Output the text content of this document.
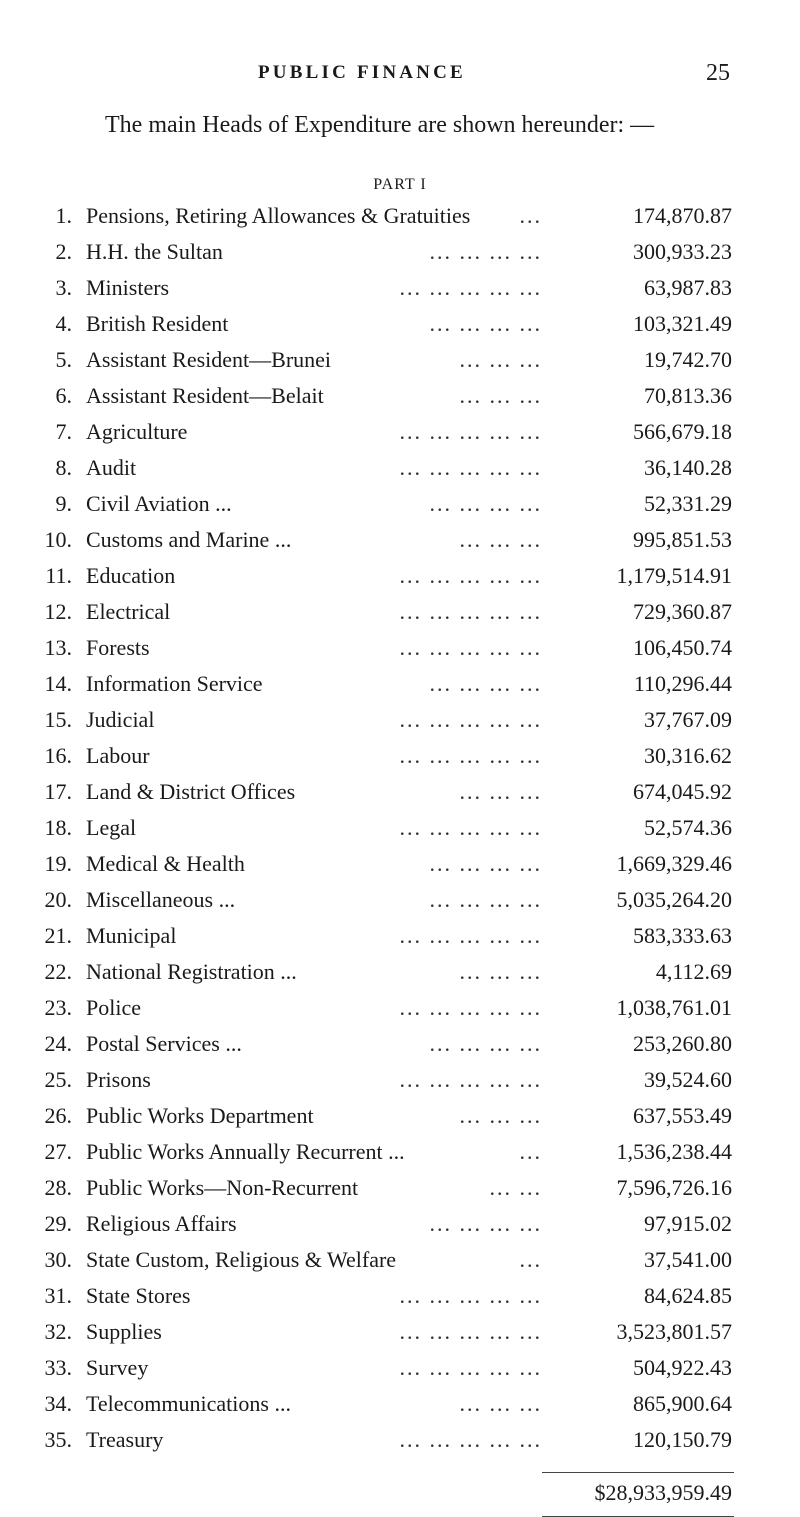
PUBLIC FINANCE	25
The main Heads of Expenditure are shown hereunder: —
PART I
1. Pensions, Retiring Allowances & Gratuities ...	174,870.87
2. H.H. the Sultan	... ... ... ...	300,933.23
3. Ministers	... ... ... ... ...	63,987.83
4. British Resident	... ... ... ...	103,321.49
5. Assistant Resident—Brunei	... ... ...	19,742.70
6. Assistant Resident—Belait	... ... ...	70,813.36
7. Agriculture	... ... ... ... ...	566,679.18
8. Audit	... ... ... ... ...	36,140.28
9. Civil Aviation ...	... ... ... ...	52,331.29
10. Customs and Marine ...	... ... ...	995,851.53
11. Education	... ... ... ... ...	1,179,514.91
12. Electrical	... ... ... ... ...	729,360.87
13. Forests	... ... ... ... ...	106,450.74
14. Information Service	... ... ... ...	110,296.44
15. Judicial	... ... ... ... ...	37,767.09
16. Labour	... ... ... ... ...	30,316.62
17. Land & District Offices	... ... ...	674,045.92
18. Legal	... ... ... ... ...	52,574.36
19. Medical & Health	... ... ... ...	1,669,329.46
20. Miscellaneous ...	... ... ... ...	5,035,264.20
21. Municipal	... ... ... ... ...	583,333.63
22. National Registration ...	... ... ...	4,112.69
23. Police	... ... ... ... ...	1,038,761.01
24. Postal Services ...	... ... ... ...	253,260.80
25. Prisons	... ... ... ... ...	39,524.60
26. Public Works Department	... ... ...	637,553.49
27. Public Works Annually Recurrent ...	...	1,536,238.44
28. Public Works—Non-Recurrent	... ...	7,596,726.16
29. Religious Affairs	... ... ... ...	97,915.02
30. State Custom, Religious & Welfare	...	37,541.00
31. State Stores	... ... ... ... ...	84,624.85
32. Supplies	... ... ... ... ...	3,523,801.57
33. Survey	... ... ... ... ...	504,922.43
34. Telecommunications ...	... ... ...	865,900.64
35. Treasury	... ... ... ... ...	120,150.79
$28,933,959.49
